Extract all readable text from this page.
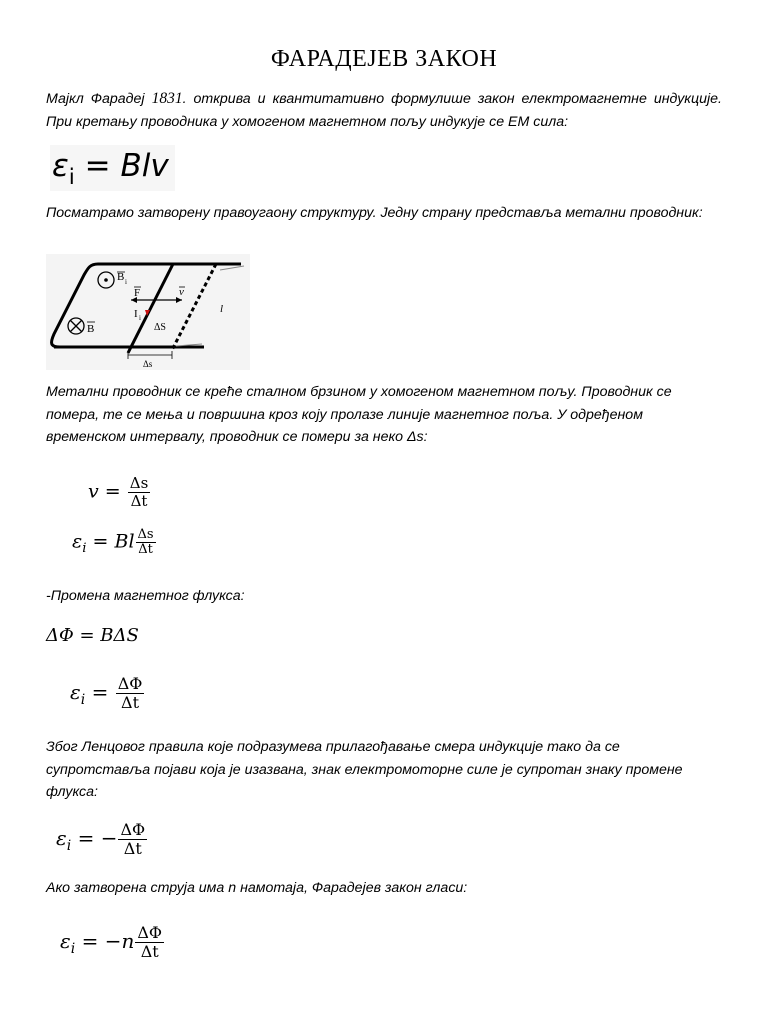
ФАРАДЕЈЕВ ЗАКОН
Мајкл Фарадеј 1831. открива и квантитативно формулише закон електромагнетне индукције. При кретању проводника у хомогеном магнетном пољу индукује се ЕМ сила:
$\varepsilon_i$ = Blv
Посматрамо затворену правоугаону структуру. Једну страну представља метални проводник:
l
B i
B
F	v
I i
ΔS
Δs
Метални проводник се креће сталном брзином у хомогеном магнетном пољу. Проводник се помера, те се мења и површина кроз коју пролазе линије магнетног поља. У одређеном временском интервалу, проводник се помери за неко Δs:
$v = \frac{\Delta s}{\Delta t}$
$\varepsilon_i = Bl \frac{\Delta s}{\Delta t}$
-Промена магнетног флукса:
ΔΦ = BΔS
$\varepsilon_i = \frac{\Delta\Phi}{\Delta t}$
Због Ленцовог правила које подразумева прилагођавање смера индукције тако да се супротстављa појави која је изазвана, знак електромоторне силе је супротан знаку промене флукса:
$\varepsilon_i$ = − $\frac{\Delta\Phi}{\Delta t}$
Ако затворена струја има n намотаја, Фарадејев закон гласи:
$\varepsilon_i = -n \frac{\Delta\Phi}{\Delta t}$
